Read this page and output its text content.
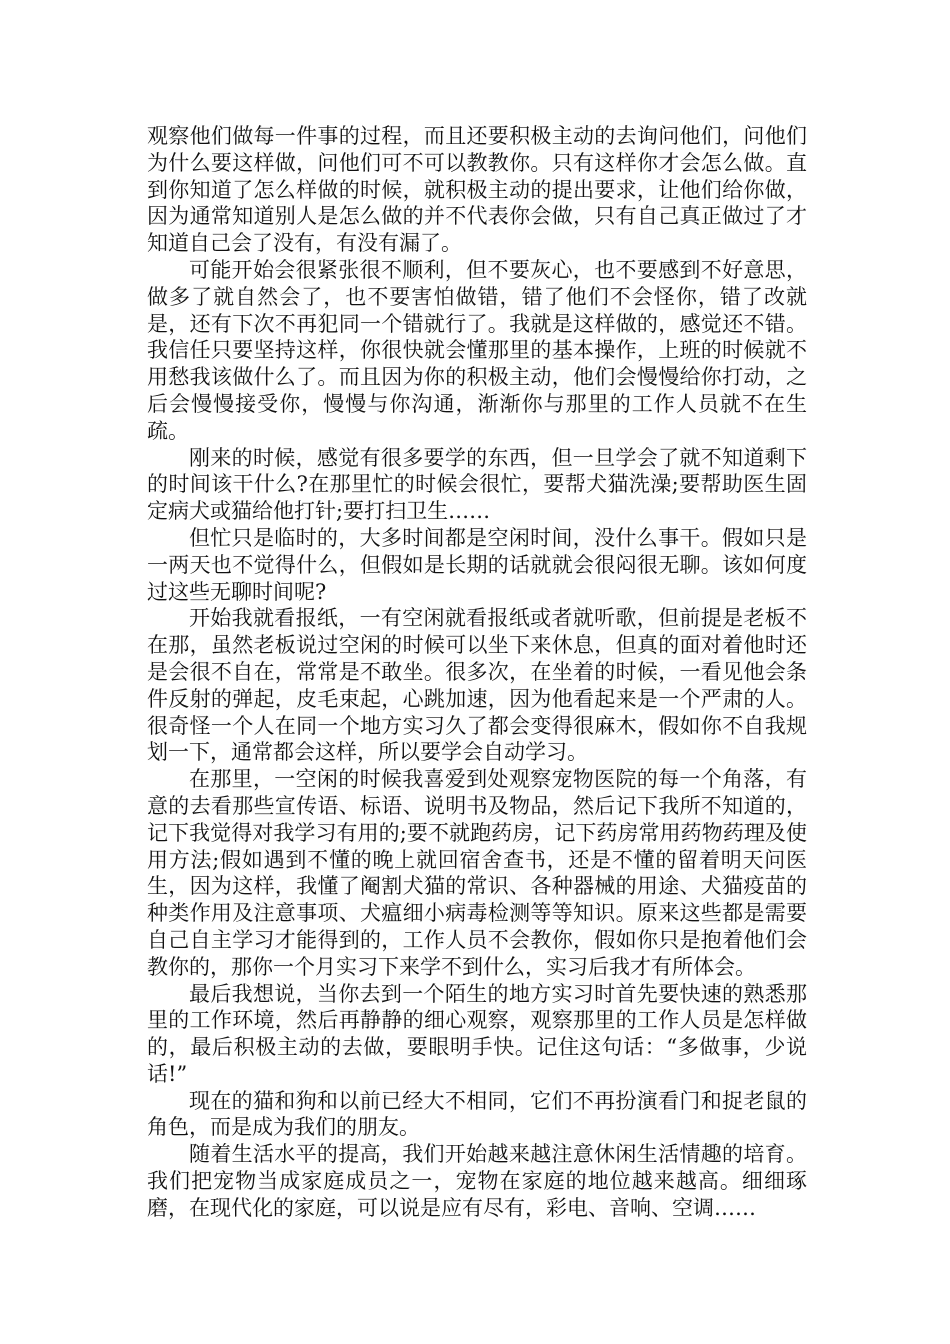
观察他们做每一件事的过程，而且还要积极主动的去询问他们，问他们为什么要这样做，问他们可不可以教教你。只有这样你才会怎么做。直到你知道了怎么样做的时候，就积极主动的提出要求，让他们给你做，因为通常知道别人是怎么做的并不代表你会做，只有自己真正做过了才知道自己会了没有，有没有漏了。

可能开始会很紧张很不顺利，但不要灰心，也不要感到不好意思，做多了就自然会了，也不要害怕做错，错了他们不会怪你，错了改就是，还有下次不再犯同一个错就行了。我就是这样做的，感觉还不错。我信任只要坚持这样，你很快就会懂那里的基本操作，上班的时候就不用愁我该做什么了。而且因为你的积极主动，他们会慢慢给你打动，之后会慢慢接受你，慢慢与你沟通，渐渐你与那里的工作人员就不在生疏。

刚来的时候，感觉有很多要学的东西，但一旦学会了就不知道剩下的时间该干什么?在那里忙的时候会很忙，要帮犬猫洗澡;要帮助医生固定病犬或猫给他打针;要打扫卫生……

但忙只是临时的，大多时间都是空闲时间，没什么事干。假如只是一两天也不觉得什么，但假如是长期的话就就会很闷很无聊。该如何度过这些无聊时间呢?

开始我就看报纸，一有空闲就看报纸或者就听歌，但前提是老板不在那，虽然老板说过空闲的时候可以坐下来休息，但真的面对着他时还是会很不自在，常常是不敢坐。很多次，在坐着的时候，一看见他会条件反射的弹起，皮毛束起，心跳加速，因为他看起来是一个严肃的人。很奇怪一个人在同一个地方实习久了都会变得很麻木，假如你不自我规划一下，通常都会这样，所以要学会自动学习。

在那里，一空闲的时候我喜爱到处观察宠物医院的每一个角落，有意的去看那些宣传语、标语、说明书及物品，然后记下我所不知道的，记下我觉得对我学习有用的;要不就跑药房，记下药房常用药物药理及使用方法;假如遇到不懂的晚上就回宿舍查书，还是不懂的留着明天问医生，因为这样，我懂了阉割犬猫的常识、各种器械的用途、犬猫疫苗的种类作用及注意事项、犬瘟细小病毒检测等等知识。原来这些都是需要自己自主学习才能得到的，工作人员不会教你，假如你只是抱着他们会教你的，那你一个月实习下来学不到什么，实习后我才有所体会。

最后我想说，当你去到一个陌生的地方实习时首先要快速的熟悉那里的工作环境，然后再静静的细心观察，观察那里的工作人员是怎样做的，最后积极主动的去做，要眼明手快。记住这句话：“多做事，少说话!”

现在的猫和狗和以前已经大不相同，它们不再扮演看门和捉老鼠的角色，而是成为我们的朋友。

随着生活水平的提高，我们开始越来越注意休闲生活情趣的培育。我们把宠物当成家庭成员之一，宠物在家庭的地位越来越高。细细琢磨，在现代化的家庭，可以说是应有尽有，彩电、音响、空调……
